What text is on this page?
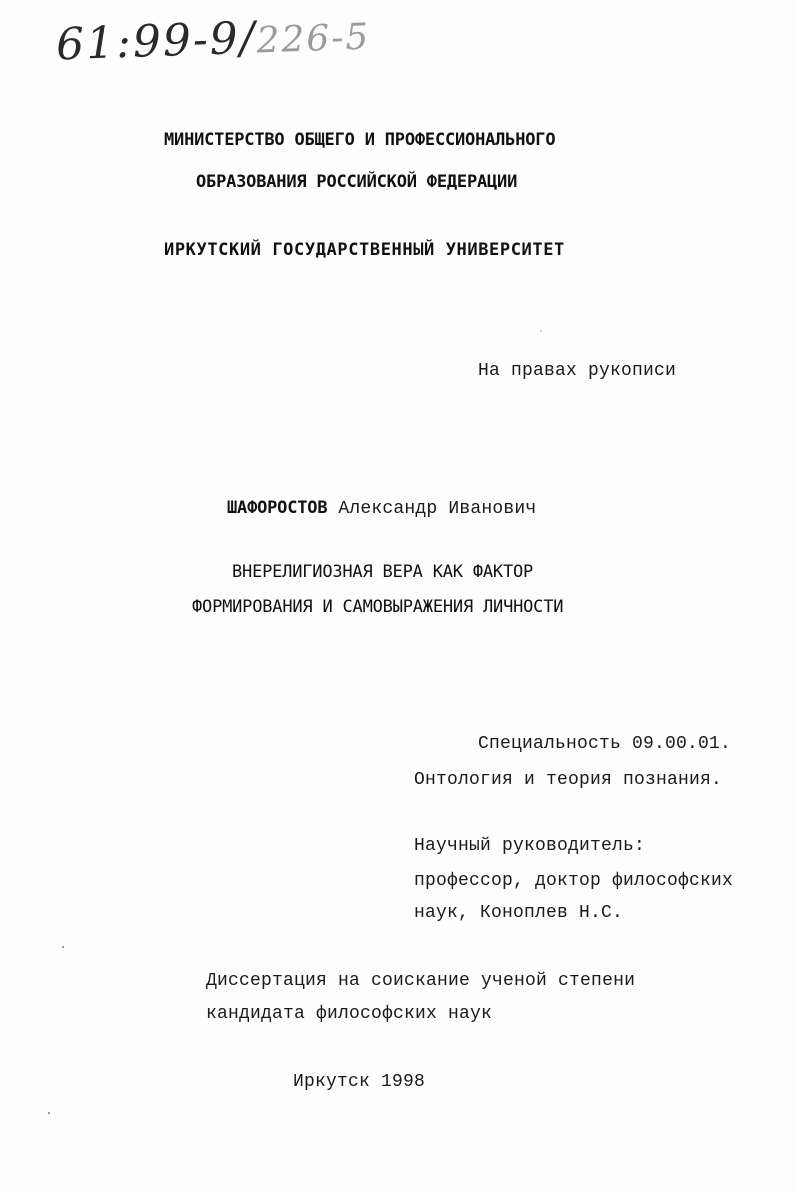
61:99-9/226-5
МИНИСТЕРСТВО ОБЩЕГО И ПРОФЕССИОНАЛЬНОГО
ОБРАЗОВАНИЯ РОССИЙСКОЙ ФЕДЕРАЦИИ
ИРКУТСКИЙ ГОСУДАРСТВЕННЫЙ УНИВЕРСИТЕТ
На правах рукописи
ШАФОРОСТОВ Александр Иванович
ВНЕРЕЛИГИОЗНАЯ ВЕРА КАК ФАКТОР
ФОРМИРОВАНИЯ И САМОВЫРАЖЕНИЯ ЛИЧНОСТИ
Специальность 09.00.01.
Онтология и теория познания.
Научный руководитель:
профессор, доктор философских
наук, Коноплев Н.С.
Диссертация на соискание ученой степени
кандидата философских наук
Иркутск 1998
